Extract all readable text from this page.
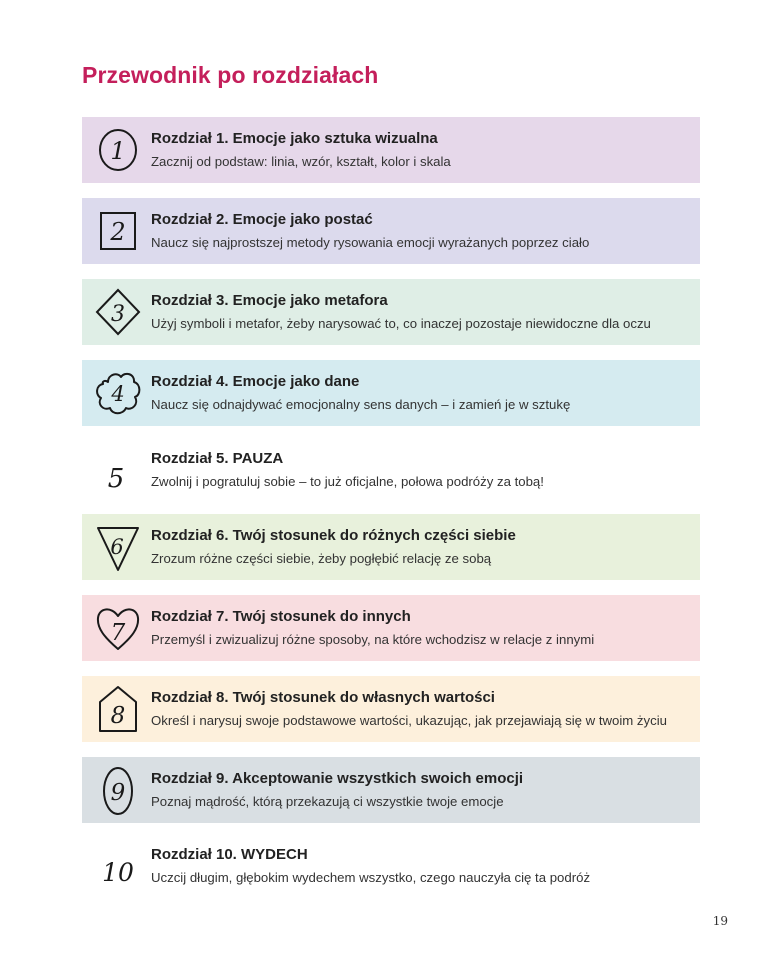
Przewodnik po rozdziałach
1 Rozdział 1. Emocje jako sztuka wizualna
Zacznij od podstaw: linia, wzór, kształt, kolor i skala
2 Rozdział 2. Emocje jako postać
Naucz się najprostszej metody rysowania emocji wyrażanych poprzez ciało
3
Rozdział 3. Emocje jako metafora
Użyj symboli i metafor, żeby narysować to, co inaczej pozostaje niewidoczne dla oczu
4
Rozdział 4. Emocje jako dane
Naucz się odnajdywać emocjonalny sens danych – i zamień je w sztukę
5
Rozdział 5. PAUZA
Zwolnij i pogratuluj sobie – to już oficjalne, połowa podróży za tobą!
6 Rozdział 6. Twój stosunek do różnych części siebie
Zrozum różne części siebie, żeby pogłębić relację ze sobą
7
Rozdział 7. Twój stosunek do innych
Przemyśl i zwizualizuj różne sposoby, na które wchodzisz w relacje z innymi
8
Rozdział 8. Twój stosunek do własnych wartości
Określ i narysuj swoje podstawowe wartości, ukazując, jak przejawiają się w twoim życiu
9
Rozdział 9. Akceptowanie wszystkich swoich emocji
Poznaj mądrość, którą przekazują ci wszystkie twoje emocje
10
Rozdział 10. WYDECH
Uczcij długim, głębokim wydechem wszystko, czego nauczyła cię ta podróż
19
